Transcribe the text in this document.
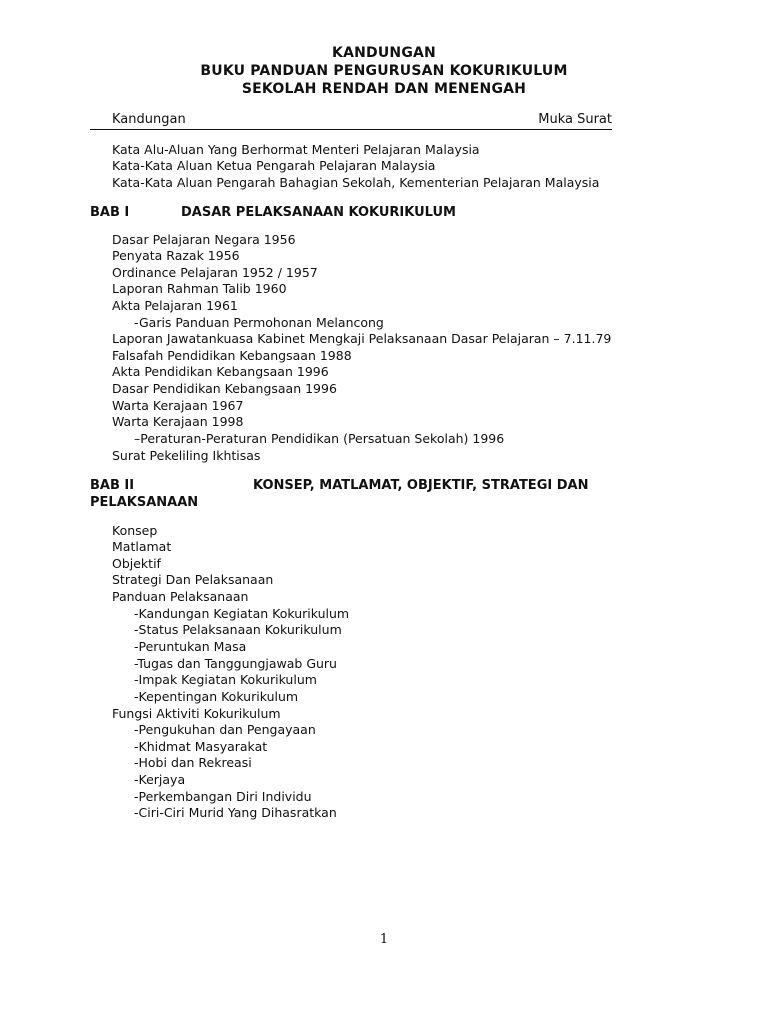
KANDUNGAN
BUKU PANDUAN PENGURUSAN KOKURIKULUM
SEKOLAH RENDAH DAN MENENGAH
Kandungan	Muka Surat
Kata Alu-Aluan Yang Berhormat Menteri Pelajaran Malaysia
Kata-Kata Aluan Ketua Pengarah Pelajaran Malaysia
Kata-Kata Aluan Pengarah Bahagian Sekolah, Kementerian Pelajaran Malaysia
BAB I	DASAR PELAKSANAAN KOKURIKULUM
Dasar Pelajaran Negara 1956
Penyata Razak 1956
Ordinance Pelajaran 1952 / 1957
Laporan Rahman Talib 1960
Akta Pelajaran 1961
-Garis Panduan Permohonan Melancong
Laporan Jawatankuasa Kabinet Mengkaji Pelaksanaan Dasar Pelajaran – 7.11.79
Falsafah Pendidikan Kebangsaan 1988
Akta Pendidikan Kebangsaan 1996
Dasar Pendidikan Kebangsaan 1996
Warta Kerajaan 1967
Warta Kerajaan 1998
–Peraturan-Peraturan Pendidikan (Persatuan Sekolah) 1996
Surat Pekeliling Ikhtisas
BAB II	KONSEP, MATLAMAT, OBJEKTIF, STRATEGI DAN
PELAKSANAAN
Konsep
Matlamat
Objektif
Strategi Dan Pelaksanaan
Panduan Pelaksanaan
-Kandungan Kegiatan Kokurikulum
-Status Pelaksanaan Kokurikulum
-Peruntukan Masa
-Tugas dan Tanggungjawab Guru
-Impak Kegiatan Kokurikulum
-Kepentingan Kokurikulum
Fungsi Aktiviti Kokurikulum
-Pengukuhan dan Pengayaan
-Khidmat Masyarakat
-Hobi dan Rekreasi
-Kerjaya
-Perkembangan Diri Individu
-Ciri-Ciri Murid Yang Dihasratkan
1
